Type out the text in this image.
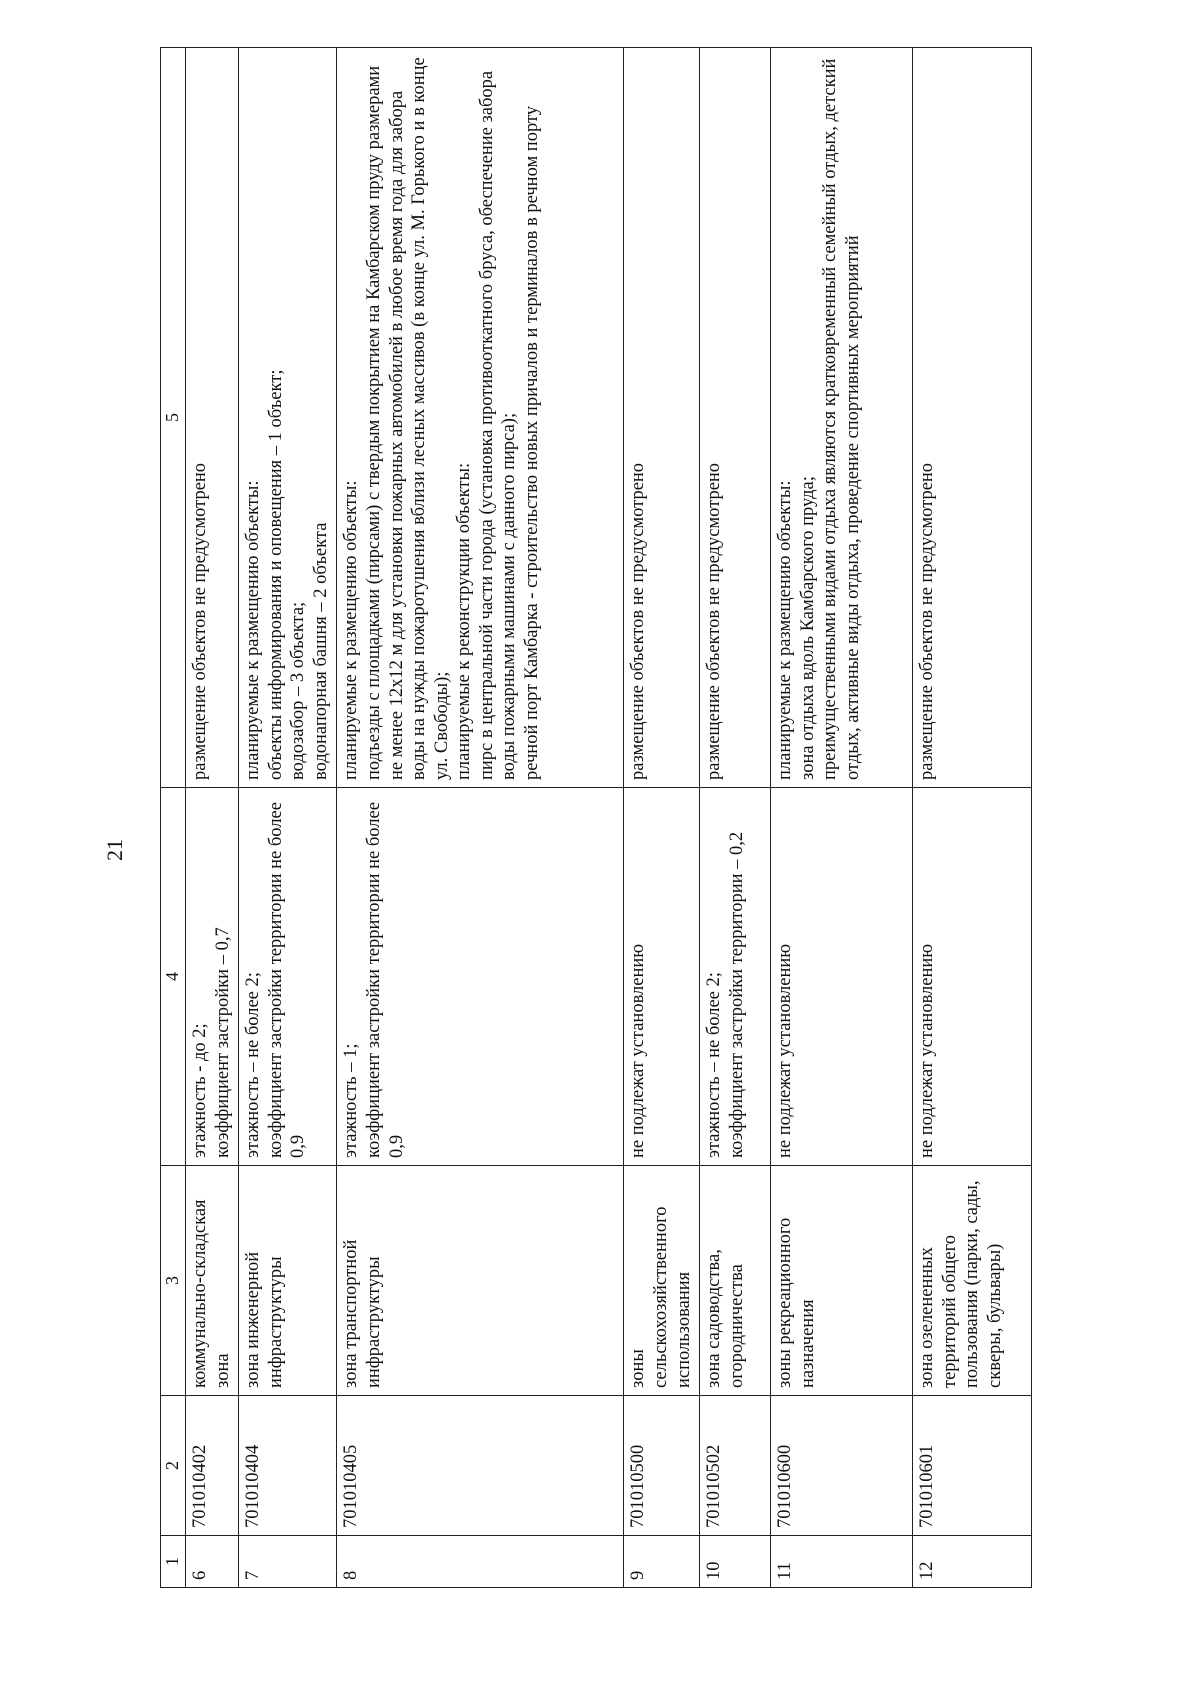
21
1	2	3	4	5
6	701010402	коммунально-складская зона	этажность - до 2; коэффициент застройки – 0,7	размещение объектов не предусмотрено

7	701010404	зона инженерной инфраструктуры	этажность – не более 2; коэффициент застройки территории не более 0,9	планируемые к размещению объекты: объекты информирования и оповещения – 1 объект; водозабор – 3 объекта; водонапорная башня – 2 объекта

8	701010405	зона транспортной инфраструктуры	этажность – 1; коэффициент застройки территории не более 0,9	планируемые к размещению объекты: подъезды с площадками (пирсами) с твердым покрытием на Камбарском пруду размерами не менее 12х12 м для установки пожарных автомобилей в любое время года для забора воды на нужды пожаротушения вблизи лесных массивов (в конце ул. М. Горького и в конце ул. Свободы); планируемые к реконструкции объекты: пирс в центральной части города (установка противооткатного бруса, обеспечение забора воды пожарными машинами с данного пирса); речной порт Камбарка - строительство новых причалов и терминалов в речном порту

9	701010500	зоны сельскохозяйственного использования	не подлежат установлению	размещение объектов не предусмотрено

10	701010502	зона садоводства, огородничества	этажность – не более 2; коэффициент застройки территории – 0,2	размещение объектов не предусмотрено

11	701010600	зоны рекреационного назначения	не подлежат установлению	планируемые к размещению объекты: зона отдыха вдоль Камбарского пруда; преимущественными видами отдыха являются кратковременный семейный отдых, детский отдых, активные виды отдыха, проведение спортивных мероприятий

12	701010601	зона озелененных территорий общего пользования (парки, сады, скверы, бульвары)	не подлежат установлению	размещение объектов не предусмотрено
